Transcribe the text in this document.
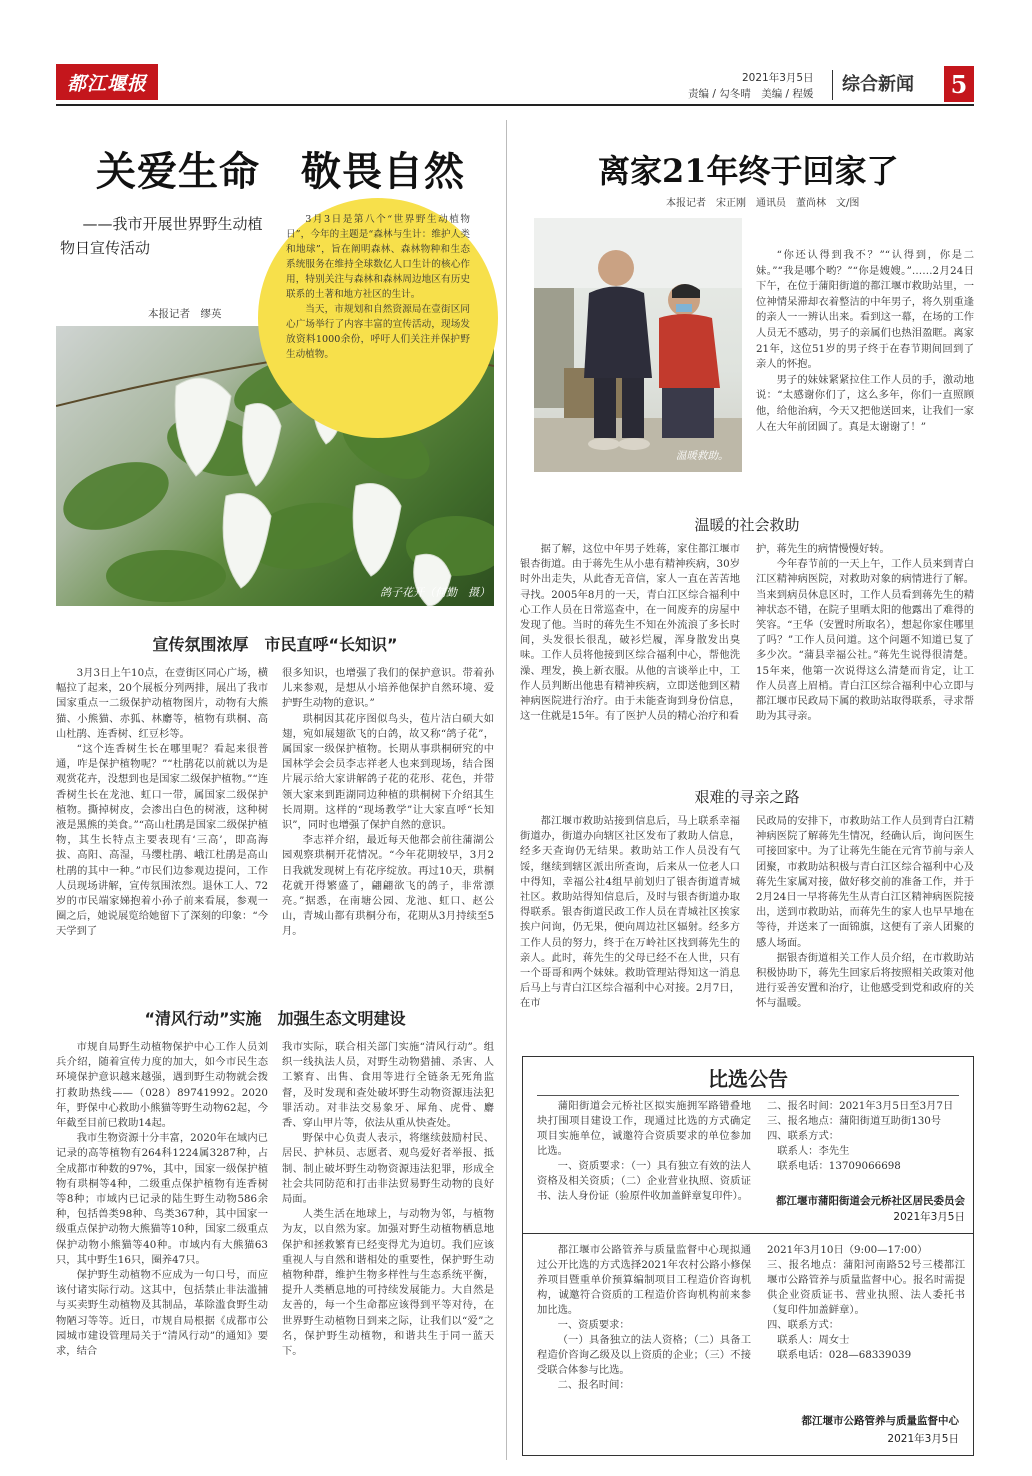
都江堰报	2021年3月5日
责编 / 勾冬晴　美编 / 程媛 综合新闻 5
关爱生命　敬畏自然
——我市开展世界野生动植物日宣传活动
本报记者　缪英
鸽子花开（何勤　摄）

3月3日是第八个“世界野生动植物日”，今年的主题是“森林与生计：维护人类和地球”，旨在阐明森林、森林物种和生态系统服务在维持全球数亿人口生计的核心作用，特别关注与森林和森林周边地区有历史联系的土著和地方社区的生计。

当天，市规划和自然资源局在壹街区同心广场举行了内容丰富的宣传活动，现场发放资料1000余份，呼吁人们关注并保护野生动植物。

宣传氛围浓厚　市民直呼“长知识”

3月3日上午10点，在壹街区同心广场，横幅拉了起来，20个展板分列两排，展出了我市国家重点一二级保护动植物图片，动物有大熊猫、小熊猫、赤狐、林麝等，植物有珙桐、高山杜鹃、连香树、红豆杉等。

“这个连香树生长在哪里呢？看起来很普通，咋是保护植物呢？”“杜鹃花以前就以为是观赏花卉，没想到也是国家二级保护植物。”“连香树生长在龙池、虹口一带，属国家二级保护植物。撕掉树皮，会渗出白色的树液，这种树液是黑熊的美食。”“高山杜鹃是国家二级保护植物，其生长特点主要表现有‘三高’，即高海拔、高阳、高湿，马缨杜鹃、峨江杜鹃是高山杜鹃的其中一种。”市民们边参观边提问，工作人员现场讲解，宣传氛围浓烈。退休工人、72岁的市民端家娣抱着小孙子前来看展，参观一圈之后，她说展览给她留下了深刻的印象：“今天学到了

很多知识，也增强了我们的保护意识。带着孙儿来参观，是想从小培养他保护自然环境、爱护野生动物的意识。”

珙桐因其花序图似鸟头，苞片洁白硕大如翅，宛如展翅欲飞的白鸽，故又称“鸽子花”，属国家一级保护植物。长期从事珙桐研究的中国林学会会员李志祥老人也来到现场，结合图片展示给大家讲解鸽子花的花形、花色，并带领大家来到距湖同边种植的珙桐树下介绍其生长周期。这样的“现场教学”让大家直呼“长知识”，同时也增强了保护自然的意识。

李志祥介绍，最近每天他都会前往蒲湖公园观察珙桐开花情况。“今年花期较早，3月2日我就发现树上有花序绽放。再过10天，珙桐花就开得繁盛了，翩翩欲飞的鸽子，非常漂亮。”据悉，在南塘公园、龙池、虹口、赵公山，青城山都有珙桐分布，花期从3月持续至5月。

“清风行动”实施　加强生态文明建设

市规自局野生动植物保护中心工作人员刘兵介绍，随着宣传力度的加大，如今市民生态环境保护意识越来越强，遇到野生动物就会拨打救助热线——（028）89741992。2020年，野保中心救助小熊猫等野生动物62起，今年截至目前已救助14起。

我市生物资源十分丰富，2020年在域内已记录的高等植物有264科1224属3287种，占全成都市种数的97%，其中，国家一级保护植物有珙桐等4种，二级重点保护植物有连香树等8种；市域内已记录的陆生野生动物586余种，包括兽类98种、鸟类367种，其中国家一级重点保护动物大熊猫等10种，国家二级重点保护动物小熊猫等40种。市域内有大熊猫63只，其中野生16只，圈养47只。

保护野生动植物不应成为一句口号，而应该付诸实际行动。这其中，包括禁止非法滥捕与买卖野生动植物及其制品，革除滥食野生动物陋习等等。近日，市规自局根据《成都市公园城市建设管理局关于“清风行动”的通知》要求，结合

我市实际，联合相关部门实施“清风行动”。组织一线执法人员，对野生动物猎捕、杀害、人工繁育、出售、食用等进行全链条无死角监督，及时发现和查处破坏野生动物资源违法犯罪活动。对非法交易象牙、犀角、虎骨、麝香、穿山甲片等，依法从重从快查处。

野保中心负责人表示，将继续鼓励村民、居民、护林员、志愿者、观鸟爱好者举报、抵制、制止破坏野生动物资源违法犯罪，形成全社会共同防范和打击非法贸易野生动物的良好局面。

人类生活在地球上，与动物为邻，与植物为友，以自然为家。加强对野生动植物栖息地保护和拯救繁育已经变得尤为迫切。我们应该重视人与自然和谐相处的重要性，保护野生动植物种群，维护生物多样性与生态系统平衡，提升人类栖息地的可持续发展能力。大自然是友善的，每一个生命都应该得到平等对待，在世界野生动植物日到来之际，让我们以“爱”之名，保护野生动植物，和谐共生于同一蓝天下。

离家21年终于回家了
本报记者　宋正刚　通讯员　董尚林　文/图
温暖救助。

“你还认得到我不？”“认得到，你是二妹。”“我是哪个哟？”“你是嫂嫂。”……2月24日下午，在位于蒲阳街道的都江堰市救助站里，一位神情呆滞却衣着整洁的中年男子，将久别重逢的亲人一一辨认出来。看到这一幕，在场的工作人员无不感动，男子的亲属们也热泪盈眶。离家21年，这位51岁的男子终于在春节期间回到了亲人的怀抱。

男子的妹妹紧紧拉住工作人员的手，激动地说：“太感谢你们了，这么多年，你们一直照顾他，给他治病，今天又把他送回来，让我们一家人在大年前团圆了。真是太谢谢了！”

温暖的社会救助

据了解，这位中年男子姓蒋，家住都江堰市银杏街道。由于蒋先生从小患有精神疾病，30岁时外出走失，从此杳无音信，家人一直在苦苦地寻找。2005年8月的一天，青白江区综合福利中心工作人员在日常巡查中，在一间废弃的房屋中发现了他。当时的蒋先生不知在外流浪了多长时间，头发很长很乱，破衫烂履，浑身散发出臭味。工作人员将他接到区综合福利中心，帮他洗澡、理发，换上新衣服。从他的言谈举止中，工作人员判断出他患有精神疾病，立即送他到区精神病医院进行治疗。由于未能查询到身份信息，这一住就是15年。有了医护人员的精心治疗和看

护，蒋先生的病情慢慢好转。

今年春节前的一天上午，工作人员来到青白江区精神病医院，对救助对象的病情进行了解。当来到病员休息区时，工作人员看到蒋先生的精神状态不错，在院子里晒太阳的他露出了难得的笑容。“王华（安置时所取名），想起你家住哪里了吗？”工作人员问道。这个问题不知道已复了多少次。“蒲县幸福公社。”蒋先生说得很清楚。15年来，他第一次说得这么清楚而肯定，让工作人员喜上眉梢。青白江区综合福利中心立即与都江堰市民政局下属的救助站取得联系，寻求帮助为其寻亲。

艰难的寻亲之路

都江堰市救助站接到信息后，马上联系幸福街道办，街道办向辖区社区发布了救助人信息，经多天查询仍无结果。救助站工作人员没有气馁，继续到辖区派出所查询，后来从一位老人口中得知，幸福公社4组早前划归了银杏街道青城社区。救助站得知信息后，及时与银杏街道办取得联系。银杏街道民政工作人员在青城社区挨家挨户问询，仍无果，便向周边社区辐射。经多方工作人员的努力，终于在万岭社区找到蒋先生的亲人。此时，蒋先生的父母已经不在人世，只有一个哥哥和两个妹妹。救助管理站得知这一消息后马上与青白江区综合福利中心对接。2月7日，在市

民政局的安排下，市救助站工作人员到青白江精神病医院了解蒋先生情况，经确认后，询问医生可接回家中。为了让蒋先生能在元宵节前与亲人团聚，市救助站积极与青白江区综合福利中心及蒋先生家属对接，做好移交前的准备工作，并于2月24日一早将蒋先生从青白江区精神病医院接出，送到市救助站，而蒋先生的家人也早早地在等待，并送来了一面锦旗，这便有了亲人团聚的感人场面。

据银杏街道相关工作人员介绍，在市救助站积极协助下，蒋先生回家后将按照相关政策对他进行妥善安置和治疗，让他感受到党和政府的关怀与温暖。

比选公告

蒲阳街道会元桥社区拟实施拥军路错叠地块打围项目建设工作，现通过比选的方式确定项目实施单位，诚邀符合资质要求的单位参加比选。

一、资质要求：（一）具有独立有效的法人资格及相关资质；（二）企业营业执照、资质证书、法人身份证（验原件收加盖鲜章复印件）。

二、报名时间：2021年3月5日至3月7日

三、报名地点：蒲阳街道互助街130号

四、联系方式：

联系人：李先生

联系电话：13709066698

都江堰市蒲阳街道会元桥社区居民委员会
2021年3月5日

都江堰市公路管养与质量监督中心现拟通过公开比选的方式选择2021年农村公路小修保养项目暨重单价预算编制项目工程造价咨询机构，诚邀符合资质的工程造价咨询机构前来参加比选。

一、资质要求：

（一）具备独立的法人资格；（二）具备工程造价咨询乙级及以上资质的企业；（三）不接受联合体参与比选。

二、报名时间：

2021年3月10日（9:00—17:00）

三、报名地点：蒲阳河南路52号三楼都江堰市公路管养与质量监督中心。报名时需提供企业资质证书、营业执照、法人委托书（复印件加盖鲜章）。

四、联系方式：

联系人：周女士

联系电话：028—68339039

都江堰市公路管养与质量监督中心
2021年3月5日
